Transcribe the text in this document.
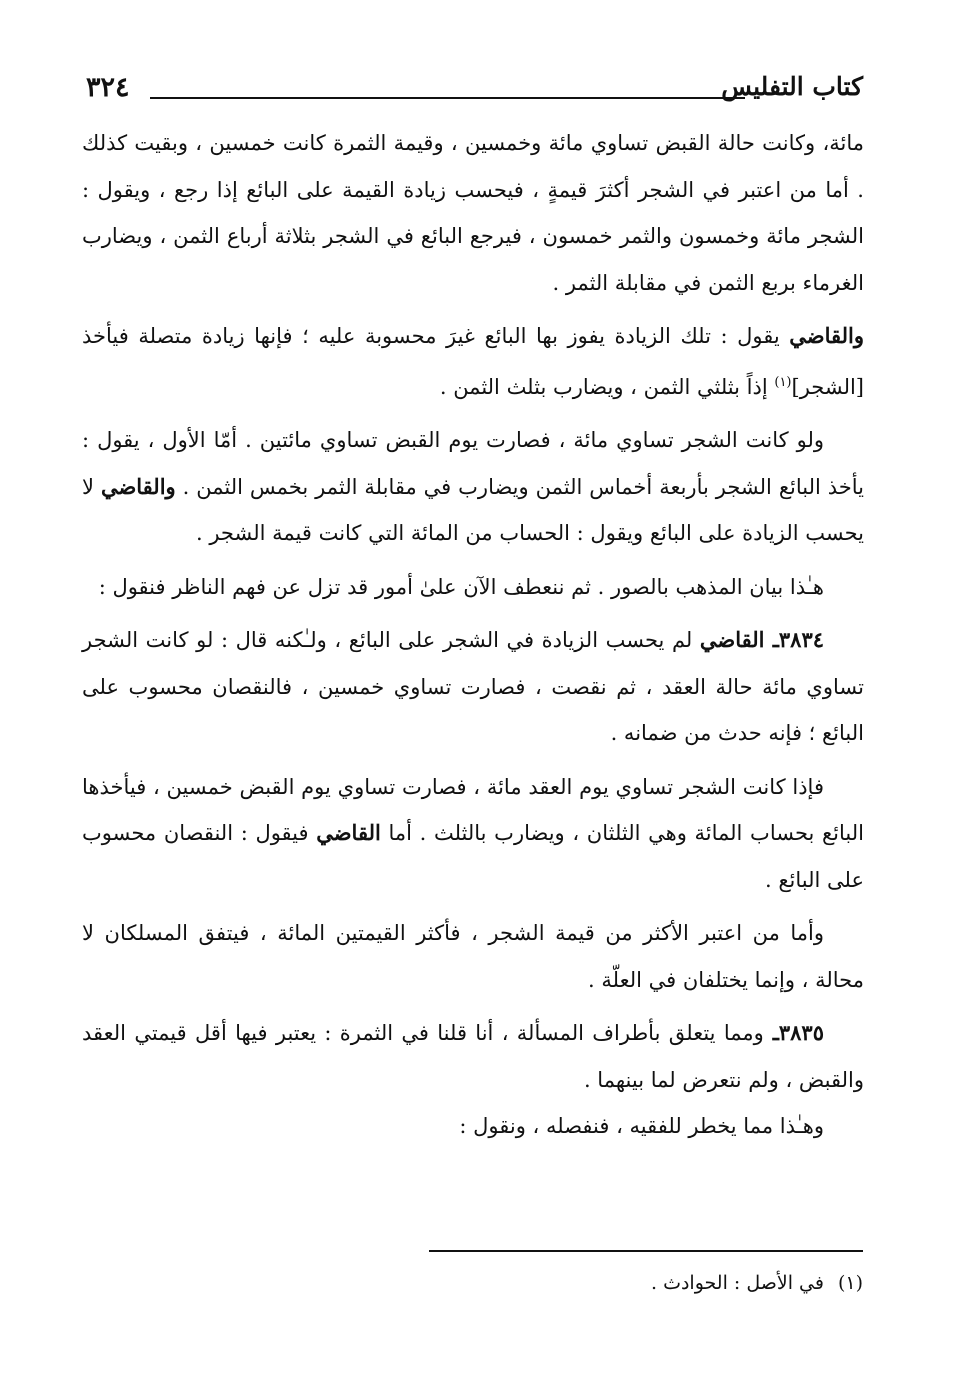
٣٢٤	كتاب التفليس

مائة، وكانت حالة القبض تساوي مائة وخمسين ، وقيمة الثمرة كانت خمسين ، وبقيت كذلك . أما من اعتبر في الشجر أكثرَ قيمةٍ ، فيحسب زيادة القيمة على البائع إذا رجع ، ويقول : الشجر مائة وخمسون والثمر خمسون ، فيرجع البائع في الشجر بثلاثة أرباع الثمن ، ويضارب الغرماء بربع الثمن في مقابلة الثمر .

والقاضي يقول : تلك الزيادة يفوز بها البائع غيرَ محسوبة عليه ؛ فإنها زيادة متصلة فيأخذ [الشجر]$^{(١)}$ إذاً بثلثي الثمن ، ويضارب بثلث الثمن .

ولو كانت الشجر تساوي مائة ، فصارت يوم القبض تساوي مائتين . أمّا الأول ، يقول : يأخذ البائع الشجر بأربعة أخماس الثمن ويضارب في مقابلة الثمر بخمس الثمن . والقاضي لا يحسب الزيادة على البائع ويقول : الحساب من المائة التي كانت قيمة الشجر .

هـٰذا بيان المذهب بالصور . ثم ننعطف الآن علىٰ أمور قد تزل عن فهم الناظر فنقول :

٣٨٣٤ـ القاضي لم يحسب الزيادة في الشجر على البائع ، ولـٰكنه قال : لو كانت الشجر تساوي مائة حالة العقد ، ثم نقصت ، فصارت تساوي خمسين ، فالنقصان محسوب على البائع ؛ فإنه حدث من ضمانه .

فإذا كانت الشجر تساوي يوم العقد مائة ، فصارت تساوي يوم القبض خمسين ، فيأخذها البائع بحساب المائة وهي الثلثان ، ويضارب بالثلث . أما القاضي فيقول : النقصان محسوب على البائع .

وأما من اعتبر الأكثر من قيمة الشجر ، فأكثر القيمتين المائة ، فيتفق المسلكان لا محالة ، وإنما يختلفان في العلّة .

٣٨٣٥ـ ومما يتعلق بأطراف المسألة ، أنا قلنا في الثمرة : يعتبر فيها أقل قيمتي العقد والقبض ، ولم نتعرض لما بينهما .

وهـٰذا مما يخطر للفقيه ، فنفصله ، ونقول :

(١)في الأصل : الحوادث .
